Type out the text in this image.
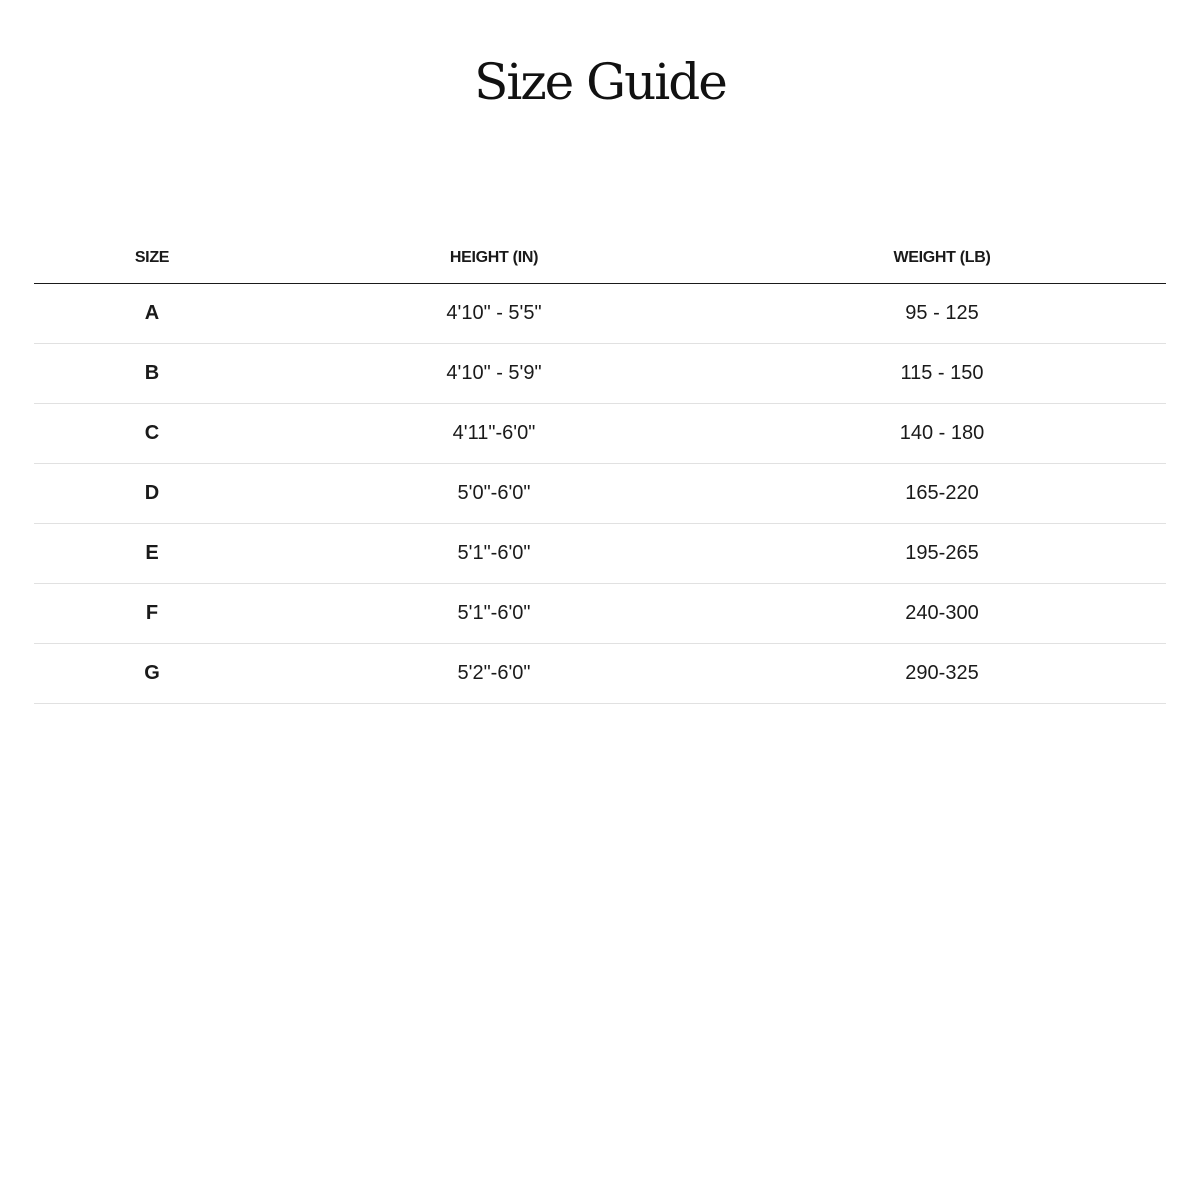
Size Guide
SIZE	HEIGHT (IN)	WEIGHT (LB)
A	4'10" - 5'5"	95 - 125
B	4'10" - 5'9"	115 - 150
C	4'11"-6'0"	140 - 180
D	5'0"-6'0"	165-220
E	5'1"-6'0"	195-265
F	5'1"-6'0"	240-300
G	5'2"-6'0"	290-325
